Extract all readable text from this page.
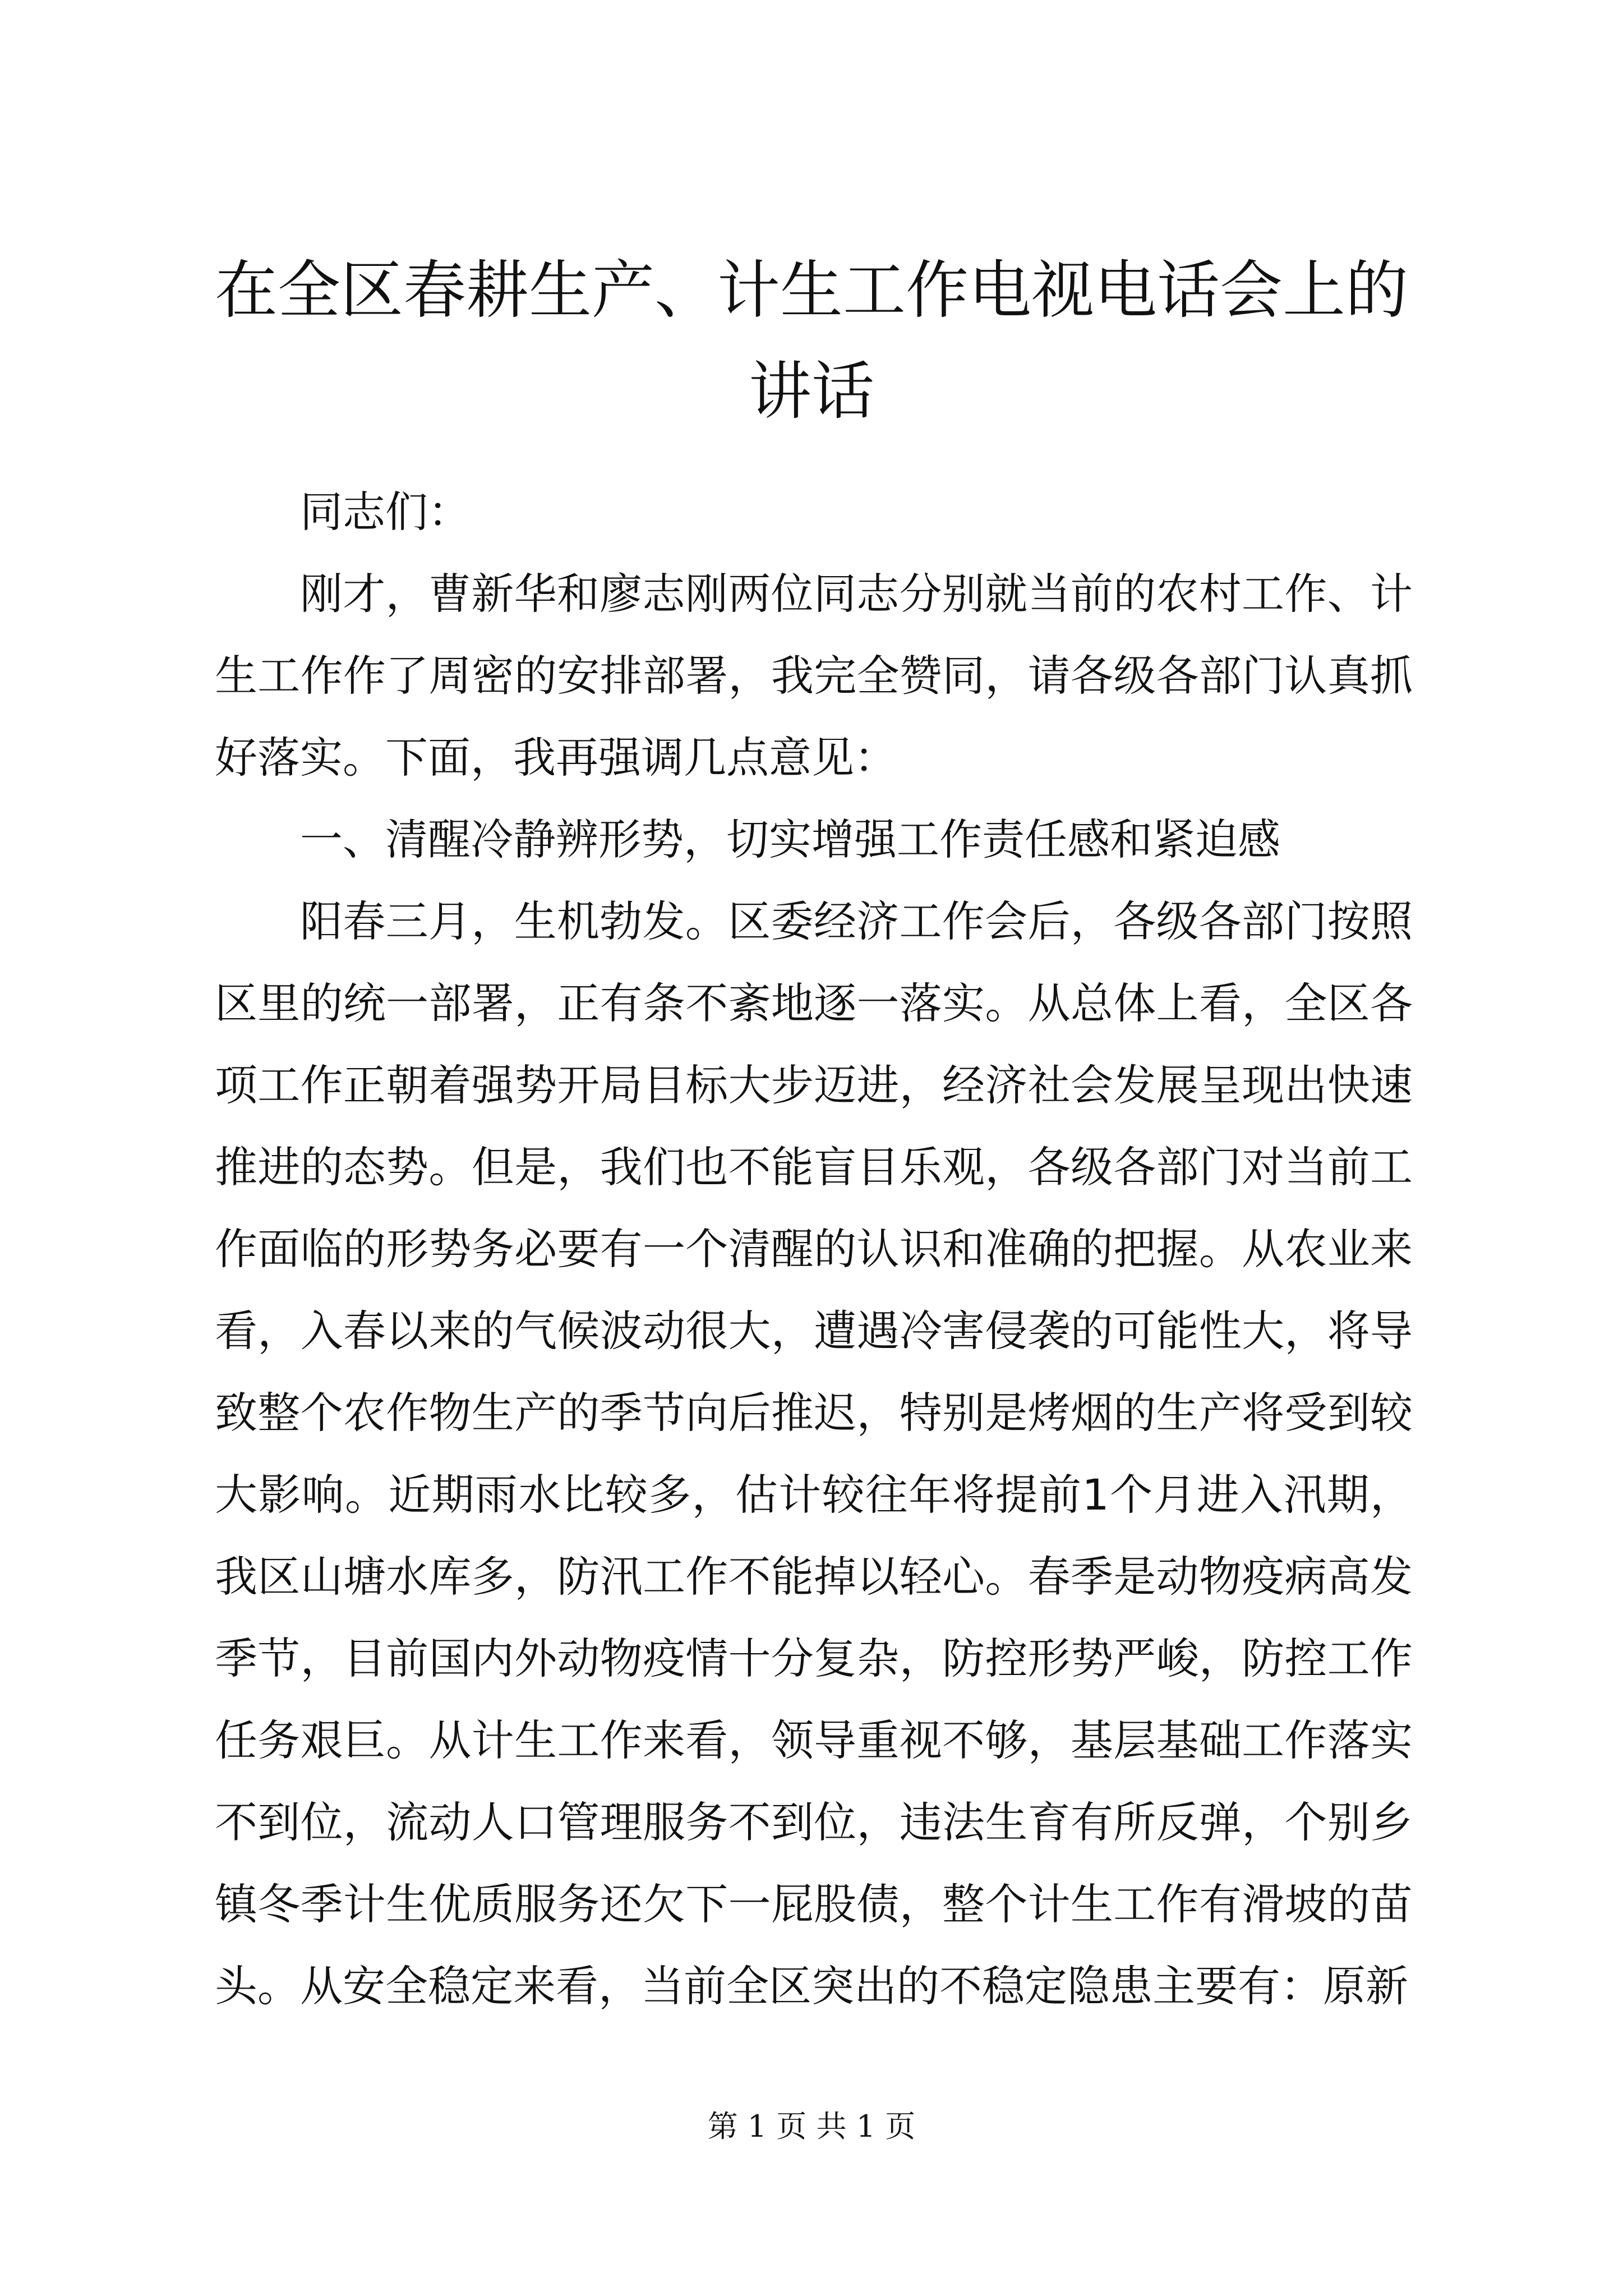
在全区春耕生产、计生工作电视电话会上的讲话

同志们：

刚才，曹新华和廖志刚两位同志分别就当前的农村工作、计生工作作了周密的安排部署，我完全赞同，请各级各部门认真抓好落实。下面，我再强调几点意见：

一、清醒冷静辨形势，切实增强工作责任感和紧迫感

阳春三月，生机勃发。区委经济工作会后，各级各部门按照区里的统一部署，正有条不紊地逐一落实。从总体上看，全区各项工作正朝着强势开局目标大步迈进，经济社会发展呈现出快速推进的态势。但是，我们也不能盲目乐观，各级各部门对当前工作面临的形势务必要有一个清醒的认识和准确的把握。从农业来看，入春以来的气候波动很大，遭遇冷害侵袭的可能性大，将导致整个农作物生产的季节向后推迟，特别是烤烟的生产将受到较大影响。近期雨水比较多，估计较往年将提前1个月进入汛期，我区山塘水库多，防汛工作不能掉以轻心。春季是动物疫病高发季节，目前国内外动物疫情十分复杂，防控形势严峻，防控工作任务艰巨。从计生工作来看，领导重视不够，基层基础工作落实不到位，流动人口管理服务不到位，违法生育有所反弹，个别乡镇冬季计生优质服务还欠下一屁股债，整个计生工作有滑坡的苗头。从安全稳定来看，当前全区突出的不稳定隐患主要有：原新

第 1 页 共 1 页
